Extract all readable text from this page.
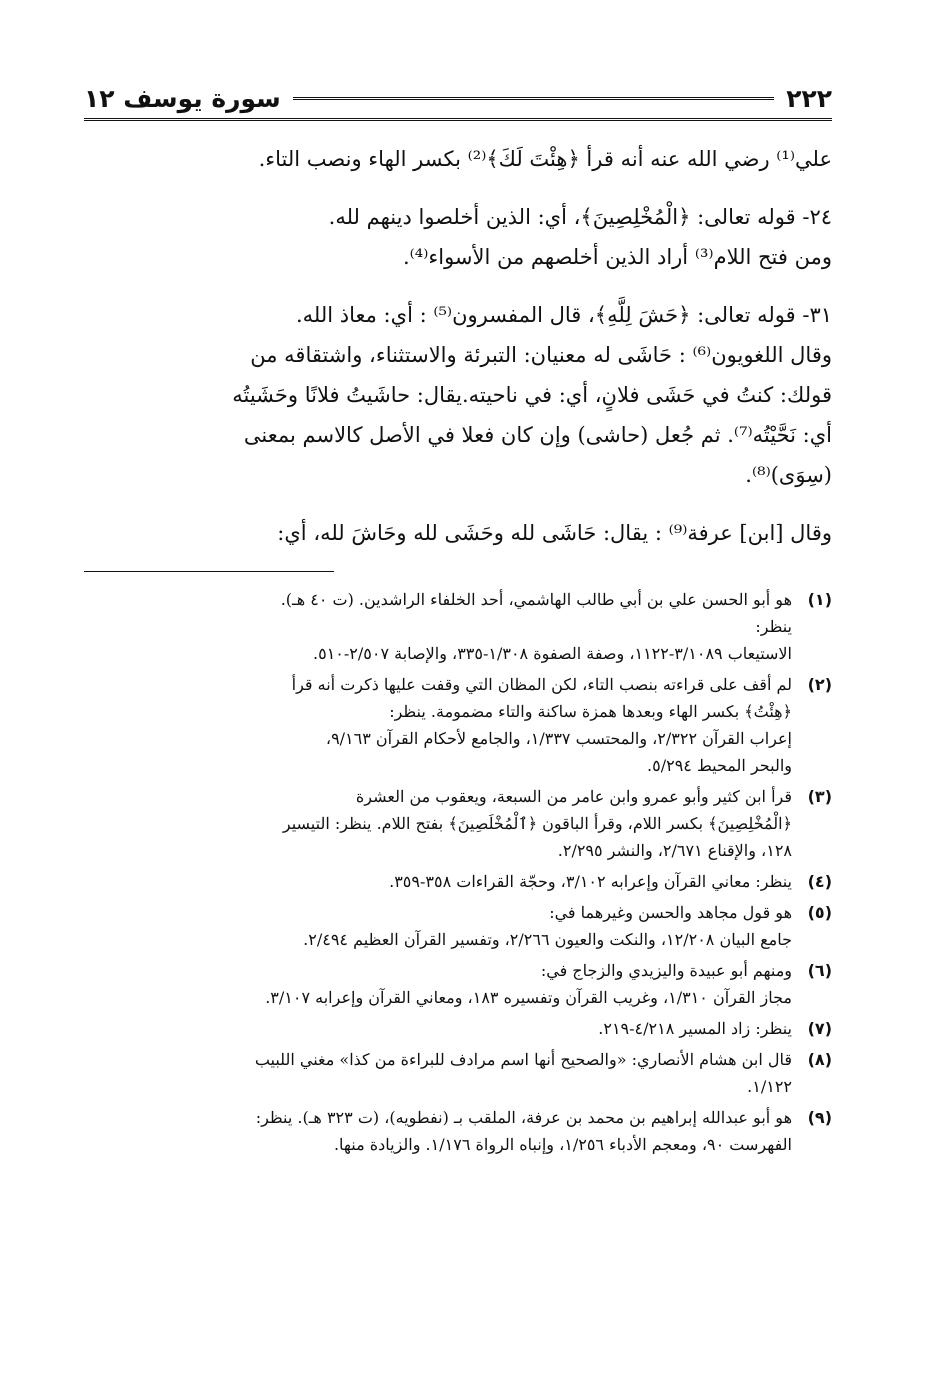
٢٢٢
سورة يوسف ١٢

علي⁽¹⁾ رضي الله عنه أنه قرأ ﴿هِئْتَ لَكَ﴾⁽²⁾ بكسر الهاء ونصب التاء.

٢٤- قوله تعالى: ﴿الْمُخْلِصِينَ﴾، أي: الذين أخلصوا دينهم لله.
ومن فتح اللام⁽³⁾ أراد الذين أخلصهم من الأسواء⁽⁴⁾.

٣١- قوله تعالى: ﴿حَشَ لِلَّهِ﴾، قال المفسرون⁽⁵⁾ : أي: معاذ الله.
وقال اللغويون⁽⁶⁾ : حَاشَى له معنيان: التبرئة والاستثناء، واشتقاقه من
قولك: كنتُ في حَشَى فلانٍ، أي: في ناحيته.يقال: حاشَيتُ فلانًا وحَشَيتُه
أي: نَحَّيْتُه⁽⁷⁾. ثم جُعل (حاشى) وإن كان فعلا في الأصل كالاسم بمعنى
(سِوَى)⁽⁸⁾.

وقال [ابن] عرفة⁽⁹⁾ : يقال: حَاشَى لله وحَشَى لله وحَاشَ لله، أي:

(١)
هو أبو الحسن علي بن أبي طالب الهاشمي، أحد الخلفاء الراشدين. (ت ٤٠ هـ).
ينظر:
الاستيعاب ٣/١٠٨٩-١١٢٢، وصفة الصفوة ١/٣٠٨-٣٣٥، والإصابة ٢/٥٠٧-٥١٠.
(٢)
لم أقف على قراءته بنصب التاء، لكن المظان التي وقفت عليها ذكرت أنه قرأ
﴿هِئْتُ﴾ بكسر الهاء وبعدها همزة ساكنة والتاء مضمومة. ينظر:
إعراب القرآن ٢/٣٢٢، والمحتسب ١/٣٣٧، والجامع لأحكام القرآن ٩/١٦٣،
والبحر المحيط ٥/٢٩٤.
(٣)
قرأ ابن كثير وأبو عمرو وابن عامر من السبعة، ويعقوب من العشرة
﴿الْمُخْلِصِينَ﴾ بكسر اللام، وقرأ الباقون ﴿ٱلْمُخْلَصِينَ﴾ بفتح اللام. ينظر: التيسير
١٢٨، والإقناع ٢/٦٧١، والنشر ٢/٢٩٥.
(٤)
ينظر: معاني القرآن وإعرابه ٣/١٠٢، وحجّة القراءات ٣٥٨-٣٥٩.
(٥)
هو قول مجاهد والحسن وغيرهما في:
جامع البيان ١٢/٢٠٨، والنكت والعيون ٢/٢٦٦، وتفسير القرآن العظيم ٢/٤٩٤.
(٦)
ومنهم أبو عبيدة واليزيدي والزجاج في:
مجاز القرآن ١/٣١٠، وغريب القرآن وتفسيره ١٨٣، ومعاني القرآن وإعرابه ٣/١٠٧.
(٧)
ينظر: زاد المسير ٤/٢١٨-٢١٩.
(٨)
قال ابن هشام الأنصاري: «والصحيح أنها اسم مرادف للبراءة من كذا» مغني اللبيب
١/١٢٢.
(٩)
هو أبو عبدالله إبراهيم بن محمد بن عرفة، الملقب بـ (نفطويه)، (ت ٣٢٣ هـ). ينظر:
الفهرست ٩٠، ومعجم الأدباء ١/٢٥٦، وإنباه الرواة ١/١٧٦. والزيادة منها.
